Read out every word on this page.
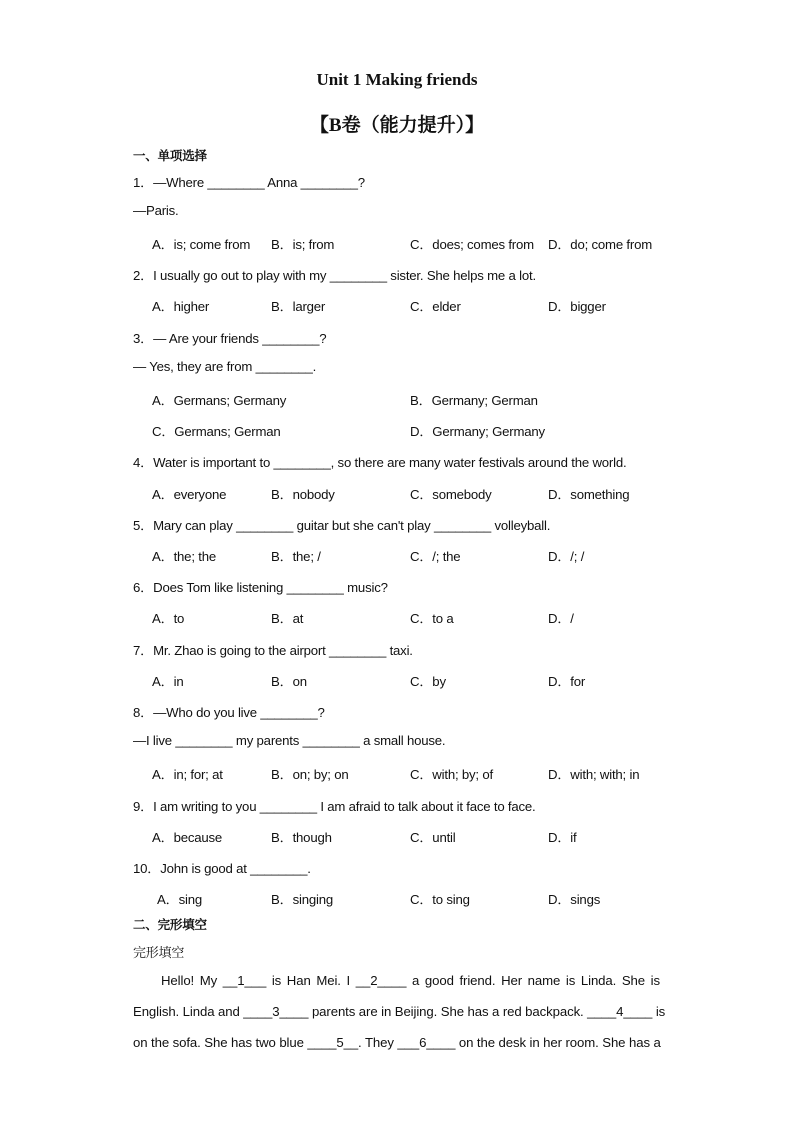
Unit 1 Making friends
【B卷（能力提升）】
一、单项选择
1．—Where ________ Anna ________?
—Paris.
A．is; come from B．is; from	C．does; comes from D．do; come from
2．I usually go out to play with my ________ sister. She helps me a lot.
A．higher	B．larger	C．elder	D．bigger
3．— Are your friends ________?
— Yes, they are from ________.
A．Germans; Germany	B．Germany; German
C．Germans; German	D．Germany; Germany
4．Water is important to ________, so there are many water festivals around the world.
A．everyone	B．nobody	C．somebody	D．something
5．Mary can play ________ guitar but she can't play ________ volleyball.
A．the; the	B．the; /	C．/; the	D．/; /
6．Does Tom like listening ________ music?
A．to	B．at	C．to a	D．/
7．Mr. Zhao is going to the airport ________ taxi.
A．in	B．on	C．by	D．for
8．—Who do you live ________?
—I live ________ my parents ________ a small house.
A．in; for; at	B．on; by; on	C．with; by; of	D．with; with; in
9．I am writing to you ________ I am afraid to talk about it face to face.
A．because	B．though	C．until	D．if
10．John is good at ________.
A．sing	B．singing	C．to sing	D．sings
二、完形填空
完形填空
Hello! My __1___ is Han Mei. I __2____ a good friend. Her name is Linda. She is
English. Linda and ____3____ parents are in Beijing. She has a red backpack. ____4____ is
on the sofa. She has two blue ____5__. They ___6____ on the desk in her room. She has a
